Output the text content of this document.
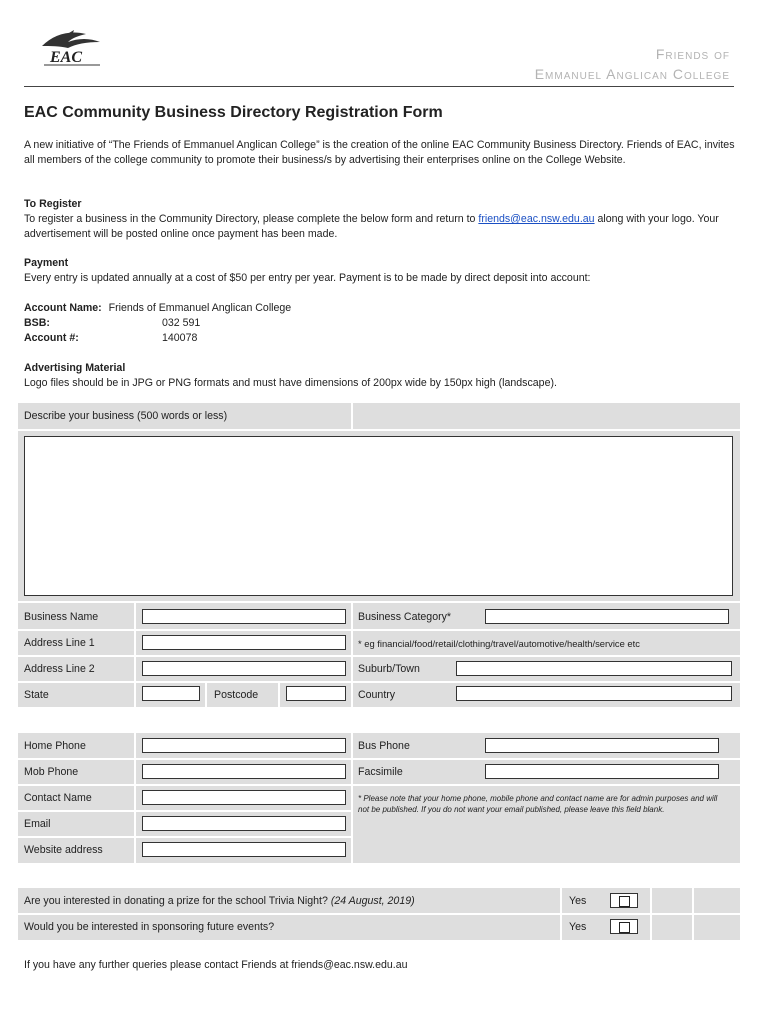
EAC	Friends of
Emmanuel Anglican College
EAC Community Business Directory Registration Form
A new initiative of “The Friends of Emmanuel Anglican College” is the creation of the online EAC Community Business Directory. Friends of EAC, invites all members of the college community to promote their business/s by advertising their enterprises online on the College Website.
To Register
To register a business in the Community Directory, please complete the below form and return to friends@eac.nsw.edu.au along with your logo. Your advertisement will be posted online once payment has been made.
Payment
Every entry is updated annually at a cost of $50 per entry per year. Payment is to be made by direct deposit into account:
Account Name: Friends of Emmanuel Anglican College
BSB:	032 591
Account #:	140078
Advertising Material
Logo files should be in JPG or PNG formats and must have dimensions of 200px wide by 150px high (landscape).
Describe your business (500 words or less)
Business Name	Business Category*
Address Line 1	* eg financial/food/retail/clothing/travel/automotive/health/service etc
Address Line 2	Suburb/Town
State	Postcode	Country
Home Phone	Bus Phone
Mob Phone	Facsimile
Contact Name	* Please note that your home phone, mobile phone and contact name are for admin purposes and will not be published. If you do not want your email published, please leave this field blank.
Email
Website address
Are you interested in donating a prize for the school Trivia Night? (24 August, 2019)	Yes
Would you be interested in sponsoring future events?	Yes
If you have any further queries please contact Friends at friends@eac.nsw.edu.au
